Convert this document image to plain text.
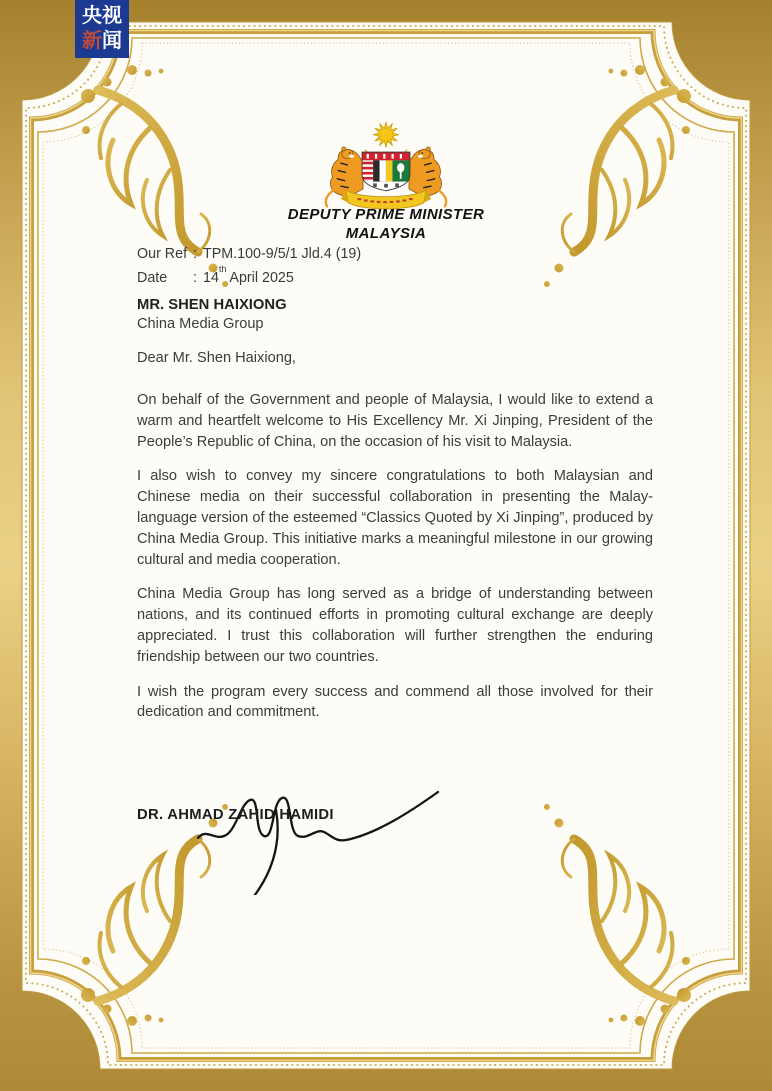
央视
新闻
DEPUTY PRIME MINISTER
MALAYSIA
Our Ref : TPM.100-9/5/1 Jld.4 (19)
Date : 14thApril 2025
MR. SHEN HAIXIONG
China Media Group
Dear Mr. Shen Haixiong,

On behalf of the Government and people of Malaysia, I would like to extend a warm and heartfelt welcome to His Excellency Mr. Xi Jinping, President of the People’s Republic of China, on the occasion of his visit to Malaysia.

I also wish to convey my sincere congratulations to both Malaysian and Chinese media on their successful collaboration in presenting the Malay-language version of the esteemed “Classics Quoted by Xi Jinping”, produced by China Media Group. This initiative marks a meaningful milestone in our growing cultural and media cooperation.

China Media Group has long served as a bridge of understanding between nations, and its continued efforts in promoting cultural exchange are deeply appreciated. I trust this collaboration will further strengthen the enduring friendship between our two countries.

I wish the program every success and commend all those involved for their dedication and commitment.

DR. AHMAD ZAHID HAMIDI
